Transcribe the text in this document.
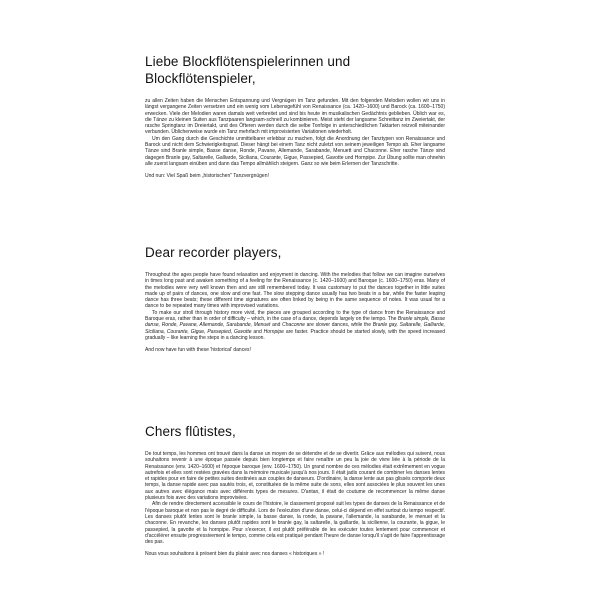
Liebe Blockflötenspielerinnen und Blockflötenspieler,

zu allen Zeiten haben die Menschen Entspannung und Vergnügen im Tanz gefunden. Mit den folgenden Melodien wollen wir uns in längst vergangene Zeiten versetzen und ein wenig vom Lebensgefühl von Renaissance (ca. 1420–1600) und Barock (ca. 1600–1750) erwecken. Viele der Melodien waren damals weit verbreitet und sind bis heute im musikalischen Gedächtnis geblieben. Üblich war es, die Tänze zu kleinen Suiten aus Tanzpaaren langsam-schnell zu kombinieren. Meist steht der langsame Schreittanz im Zweiertakt, der rasche Springtanz im Dreiertakt, und des Öfteren werden durch die selbe Tonfolge in unterschiedlichen Taktarten reizvoll miteinander verbunden. Üblicherweise wurde ein Tanz mehrfach mit improvisierten Variationen wiederholt.

Um den Gang durch die Geschichte unmittelbarer erlebbar zu machen, folgt die Anordnung der Tanztypen von Renaissance und Barock und nicht dem Schwierigkeitsgrad. Dieser hängt bei einem Tanz nicht zuletzt von seinem jeweiligen Tempo ab. Eher langsame Tänze sind Branle simple, Basse danse, Ronde, Pavane, Allemande, Sarabande, Menuett und Chaconne. Eher rasche Tänze sind dagegen Branle gay, Saltarelle, Galliarde, Siciliana, Courante, Gigue, Passepied, Gavotte und Hornpipe. Zur Übung sollte man ohnehin alle zuerst langsam einüben und dann das Tempo allmählich steigern. Ganz so wie beim Erlernen der Tanzschritte.

Und nun: Viel Spaß beim „historischen" Tanzvergnügen!

Dear recorder players,

Throughout the ages people have found relaxation and enjoyment in dancing. With the melodies that follow we can imagine ourselves in times long past and awaken something of a feeling for the Renaissance (c. 1420–1600) and Baroque (c. 1600–1750) eras. Many of the melodies were very well known then and are still remembered today. It was customary to put the dances together in little suites made up of pairs of dances, one slow and one fast. The slow stepping dance usually has two beats in a bar, while the faster leaping dance has three beats; these different time signatures are often linked by being in the same sequence of notes. It was usual for a dance to be repeated many times with improvised variations.

To make our stroll through history more vivid, the pieces are grouped according to the type of dance from the Renaissance and Baroque eras, rather than in order of difficulty – which, in the case of a dance, depends largely on the tempo. The Branle simple, Basse danse, Ronde, Pavane, Allemande, Sarabande, Menuet and Chaconne are slower dances, while the Branle gay, Saltarelle, Galliarde, Siciliana, Courante, Gigue, Passepied, Gavotte and Hornpipe are faster. Practice should be started slowly, with the speed increased gradually – like learning the steps in a dancing lesson.

And now have fun with these 'historical' dances!

Chers flûtistes,

De tout temps, les hommes ont trouvé dans la danse un moyen de se détendre et de se divertir. Grâce aux mélodies qui suivent, nous souhaitons revenir à une époque passée depuis bien longtemps et faire renaître un peu la joie de vivre liée à la période de la Renaissance (env. 1420–1600) et l'époque baroque (env. 1600–1750). Un grand nombre de ces mélodies était extrêmement en vogue autrefois et elles sont restées gravées dans la mémoire musicale jusqu'à nos jours. Il était jadis courant de combiner les danses lentes et rapides pour en faire de petites suites destinées aux couples de danseurs. D'ordinaire, la danse lente aux pas glissés comporte deux temps, la danse rapide avec pas sautés trois, et, constituées de la même suite de sons, elles sont associées le plus souvent les unes aux autres avec élégance mais avec différents types de mesures. D'antan, il était de coutume de recommencer la même danse plusieurs fois avec des variations improvisées.

Afin de rendre directement accessible le cours de l'histoire, le classement proposé suit les types de danses de la Renaissance et de l'époque baroque et non pas le degré de difficulté. Lors de l'exécution d'une danse, celui-ci dépend en effet surtout du tempo respectif. Les danses plutôt lentes sont le branle simple, la basse danse, la ronde, la pavane, l'allemande, la sarabande, le menuet et la chaconne. En revanche, les danses plutôt rapides sont le branle gay, la saltarelle, la gaillarde, la sicilienne, la courante, la gigue, le passepied, la gavotte et la hornpipe. Pour s'exercer, il est plutôt préférable de les exécuter toutes lentement pour commencer et d'accélérer ensuite progressivement le tempo, comme cela est pratiqué pendant l'heure de danse lorsqu'il s'agit de faire l'apprentissage des pas.

Nous vous souhaitons à présent bien du plaisir avec nos danses « historiques » !
